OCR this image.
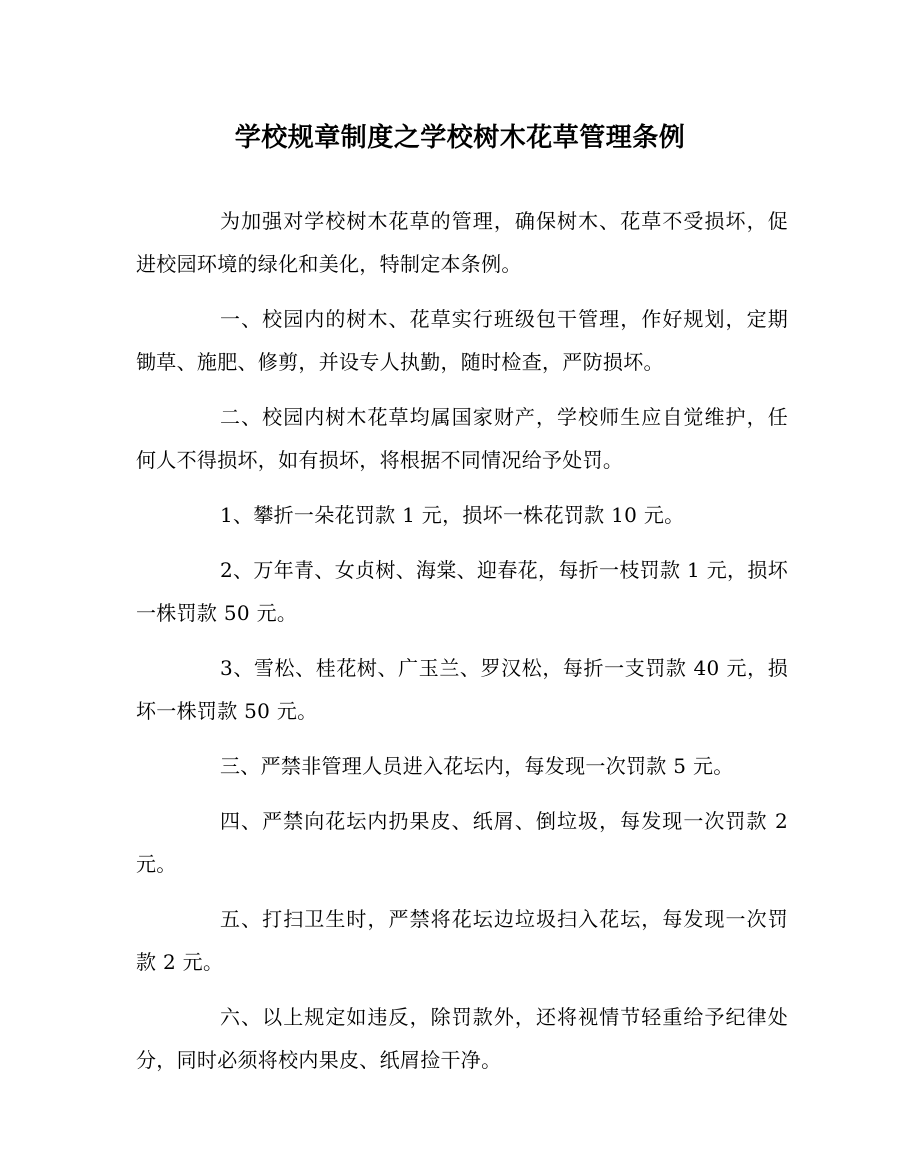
学校规章制度之学校树木花草管理条例

为加强对学校树木花草的管理，确保树木、花草不受损坏，促进校园环境的绿化和美化，特制定本条例。

一、校园内的树木、花草实行班级包干管理，作好规划，定期锄草、施肥、修剪，并设专人执勤，随时检查，严防损坏。

二、校园内树木花草均属国家财产，学校师生应自觉维护，任何人不得损坏，如有损坏，将根据不同情况给予处罚。

1、攀折一朵花罚款 1 元，损坏一株花罚款 10 元。

2、万年青、女贞树、海棠、迎春花，每折一枝罚款 1 元，损坏一株罚款 50 元。

3、雪松、桂花树、广玉兰、罗汉松，每折一支罚款 40 元，损坏一株罚款 50 元。

三、严禁非管理人员进入花坛内，每发现一次罚款 5 元。

四、严禁向花坛内扔果皮、纸屑、倒垃圾，每发现一次罚款 2 元。

五、打扫卫生时，严禁将花坛边垃圾扫入花坛，每发现一次罚款 2 元。

六、以上规定如违反，除罚款外，还将视情节轻重给予纪律处分，同时必须将校内果皮、纸屑捡干净。
